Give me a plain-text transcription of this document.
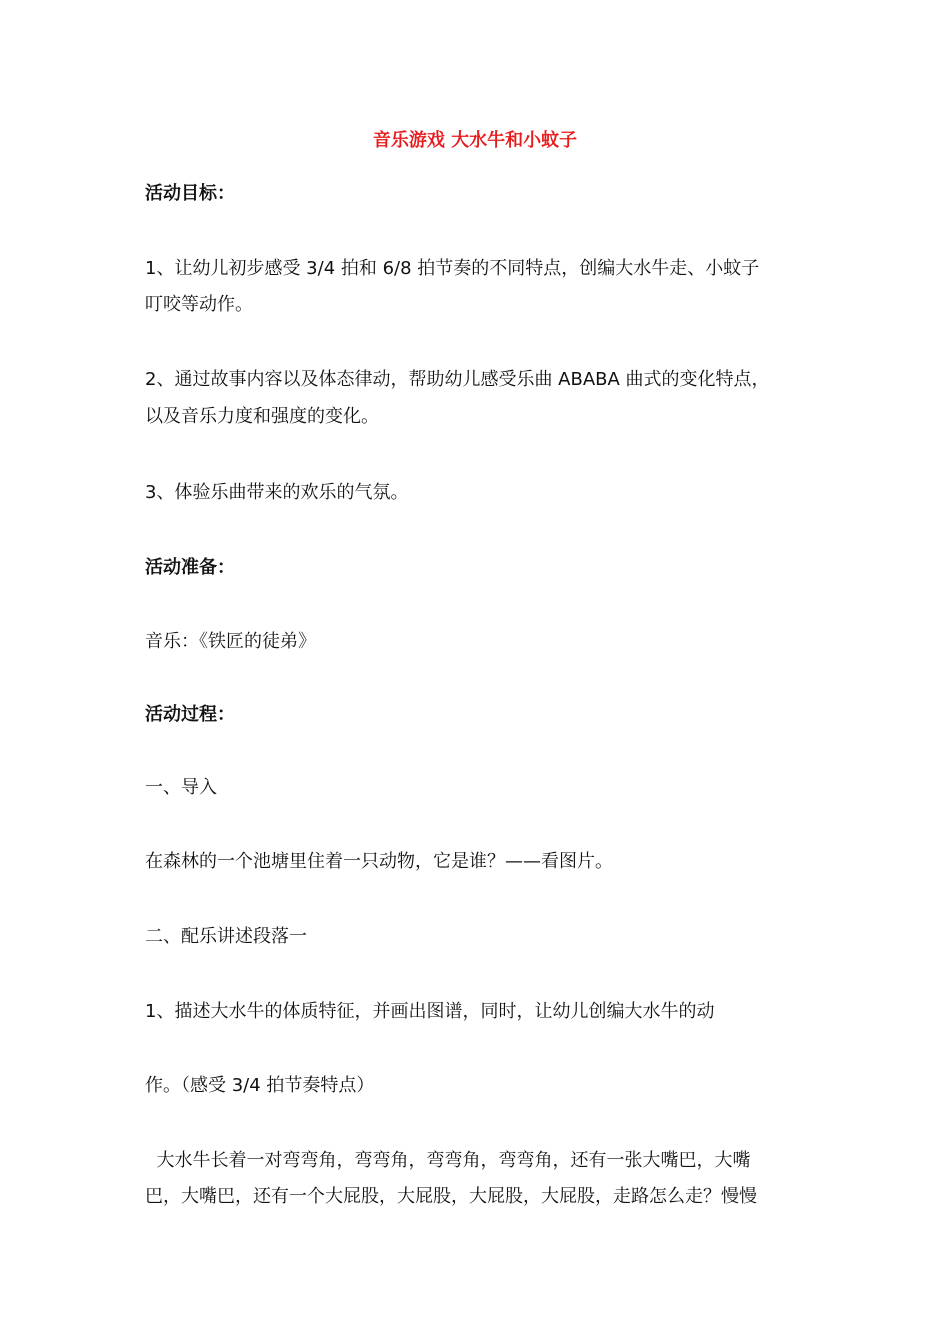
音乐游戏 大水牛和小蚊子
活动目标：
1、让幼儿初步感受 3/4 拍和 6/8 拍节奏的不同特点，创编大水牛走、小蚊子
叮咬等动作。
2、通过故事内容以及体态律动，帮助幼儿感受乐曲 ABABA 曲式的变化特点，
以及音乐力度和强度的变化。
3、体验乐曲带来的欢乐的气氛。
活动准备：
音乐：《铁匠的徒弟》
活动过程：
一、导入
在森林的一个池塘里住着一只动物，它是谁？——看图片。
二、配乐讲述段落一
1、描述大水牛的体质特征，并画出图谱，同时，让幼儿创编大水牛的动
作。（感受 3/4 拍节奏特点）
大水牛长着一对弯弯角，弯弯角，弯弯角，弯弯角，还有一张大嘴巴，大嘴
巴，大嘴巴，还有一个大屁股，大屁股，大屁股，大屁股，走路怎么走？慢慢
